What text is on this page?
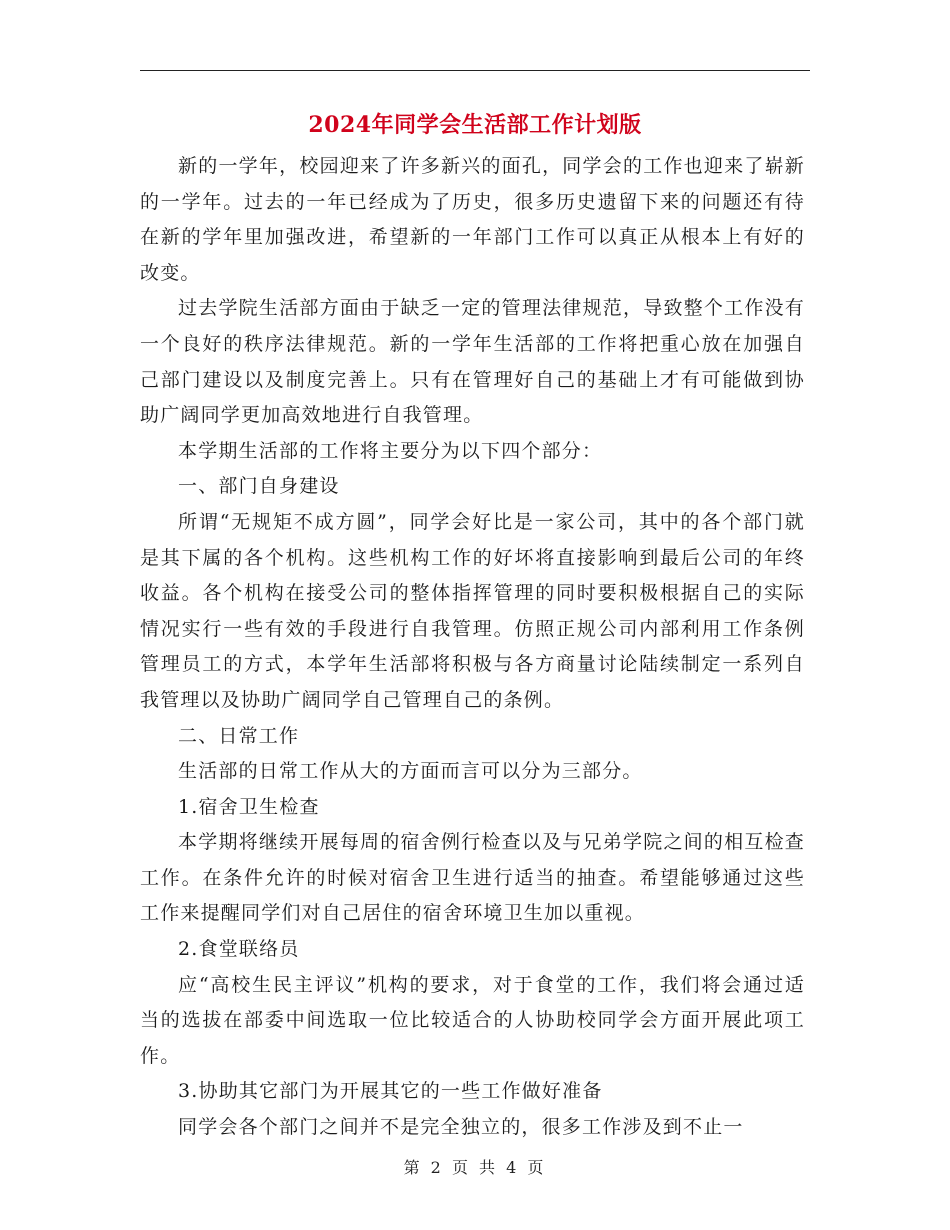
2024年同学会生活部工作计划版

新的一学年，校园迎来了许多新兴的面孔，同学会的工作也迎来了崭新的一学年。过去的一年已经成为了历史，很多历史遗留下来的问题还有待在新的学年里加强改进，希望新的一年部门工作可以真正从根本上有好的改变。

过去学院生活部方面由于缺乏一定的管理法律规范，导致整个工作没有一个良好的秩序法律规范。新的一学年生活部的工作将把重心放在加强自己部门建设以及制度完善上。只有在管理好自己的基础上才有可能做到协助广阔同学更加高效地进行自我管理。

本学期生活部的工作将主要分为以下四个部分：

一、部门自身建设

所谓“无规矩不成方圆”，同学会好比是一家公司，其中的各个部门就是其下属的各个机构。这些机构工作的好坏将直接影响到最后公司的年终收益。各个机构在接受公司的整体指挥管理的同时要积极根据自己的实际情况实行一些有效的手段进行自我管理。仿照正规公司内部利用工作条例管理员工的方式，本学年生活部将积极与各方商量讨论陆续制定一系列自我管理以及协助广阔同学自己管理自己的条例。

二、日常工作

生活部的日常工作从大的方面而言可以分为三部分。

1.宿舍卫生检查

本学期将继续开展每周的宿舍例行检查以及与兄弟学院之间的相互检查工作。在条件允许的时候对宿舍卫生进行适当的抽查。希望能够通过这些工作来提醒同学们对自己居住的宿舍环境卫生加以重视。

2.食堂联络员

应“高校生民主评议”机构的要求，对于食堂的工作，我们将会通过适当的选拔在部委中间选取一位比较适合的人协助校同学会方面开展此项工作。

3.协助其它部门为开展其它的一些工作做好准备

同学会各个部门之间并不是完全独立的，很多工作涉及到不止一

第 2 页 共 4 页
